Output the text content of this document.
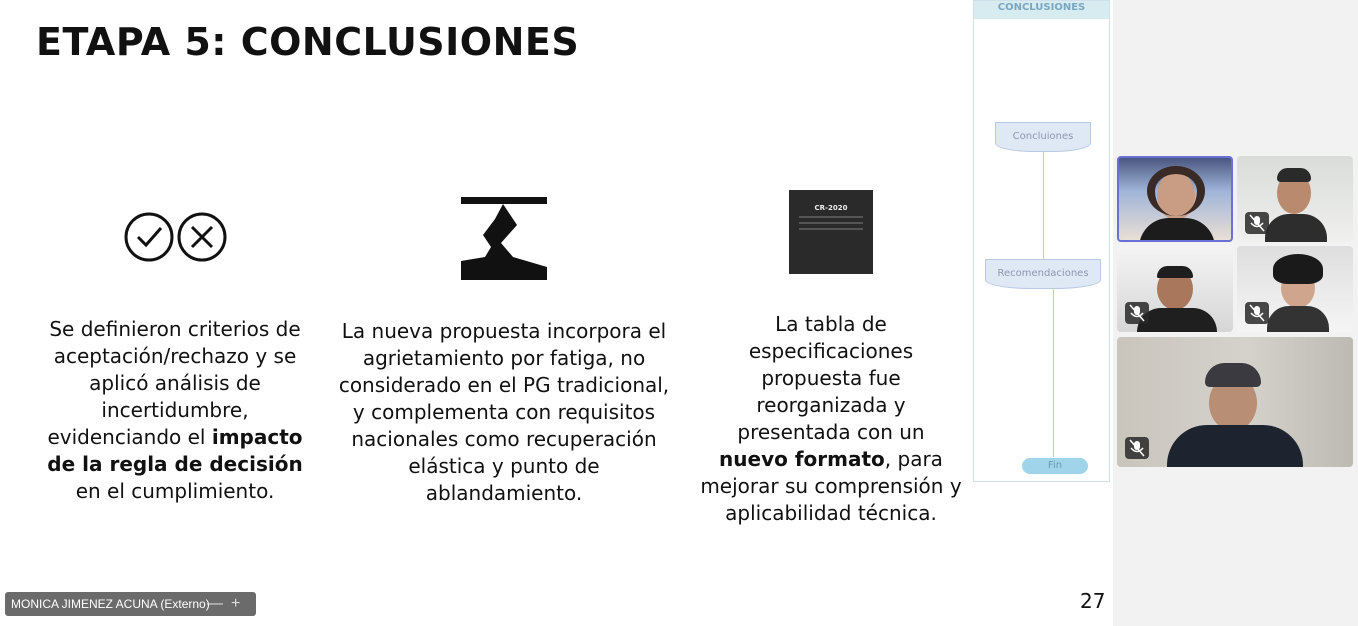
ETAPA 5: CONCLUSIONES
CR-2020
Se definieron criterios de aceptación/rechazo y se aplicó análisis de incertidumbre, evidenciando el impacto de la regla de decisión en el cumplimiento.
La nueva propuesta incorpora el agrietamiento por fatiga, no considerado en el PG tradicional, y complementa con requisitos nacionales como recuperación elástica y punto de ablandamiento.
La tabla de especificaciones propuesta fue reorganizada y presentada con un nuevo formato, para mejorar su comprensión y aplicabilidad técnica.
CONCLUSIONES
Concluiones
Recomendaciones
Fin
27
MONICA JIMENEZ ACUNA (Externo)
— +
